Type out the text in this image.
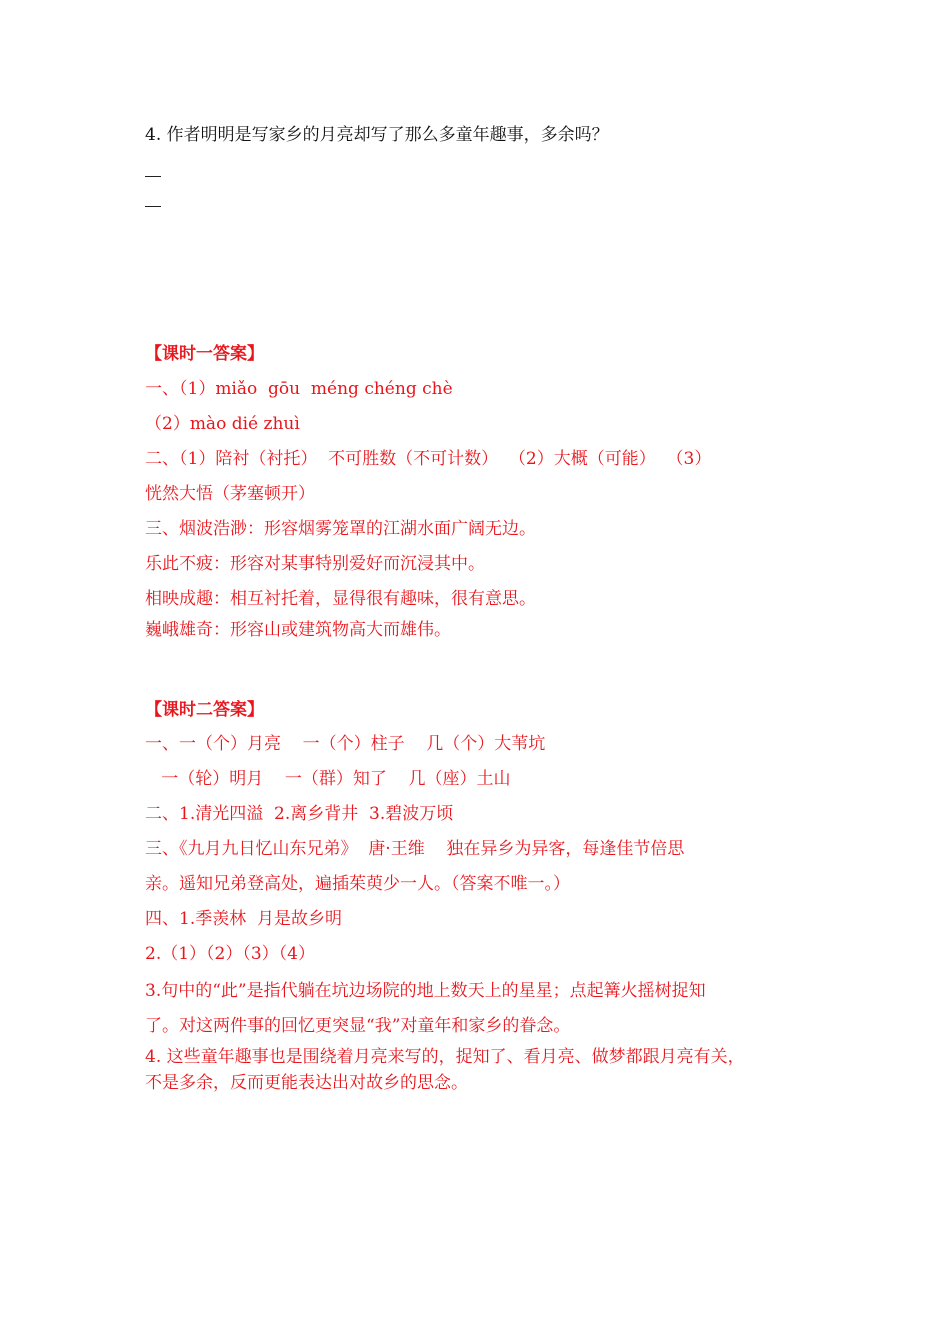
4. 作者明明是写家乡的月亮却写了那么多童年趣事，多余吗？
【课时一答案】
一、（1）miǎo  gōu  méng chéng chè
（2）mào dié zhuì
二、（1）陪衬（衬托）  不可胜数（不可计数）  （2）大概（可能）  （3）
恍然大悟（茅塞顿开）
三、烟波浩渺：形容烟雾笼罩的江湖水面广阔无边。
乐此不疲：形容对某事特别爱好而沉浸其中。
相映成趣：相互衬托着，显得很有趣味，很有意思。
巍峨雄奇：形容山或建筑物高大而雄伟。
【课时二答案】
一、一（个）月亮    一（个）柱子    几（个）大苇坑
一（轮）明月    一（群）知了    几（座）土山
二、1.清光四溢  2.离乡背井  3.碧波万顷
三、《九月九日忆山东兄弟》  唐·王维    独在异乡为异客，每逢佳节倍思
亲。遥知兄弟登高处，遍插茱萸少一人。（答案不唯一。）
四、1.季羡林  月是故乡明
2.（1）（2）（3）（4）
3.句中的“此”是指代躺在坑边场院的地上数天上的星星；点起篝火摇树捉知
了。对这两件事的回忆更突显“我”对童年和家乡的眷念。
4. 这些童年趣事也是围绕着月亮来写的，捉知了、看月亮、做梦都跟月亮有关，
不是多余，反而更能表达出对故乡的思念。
